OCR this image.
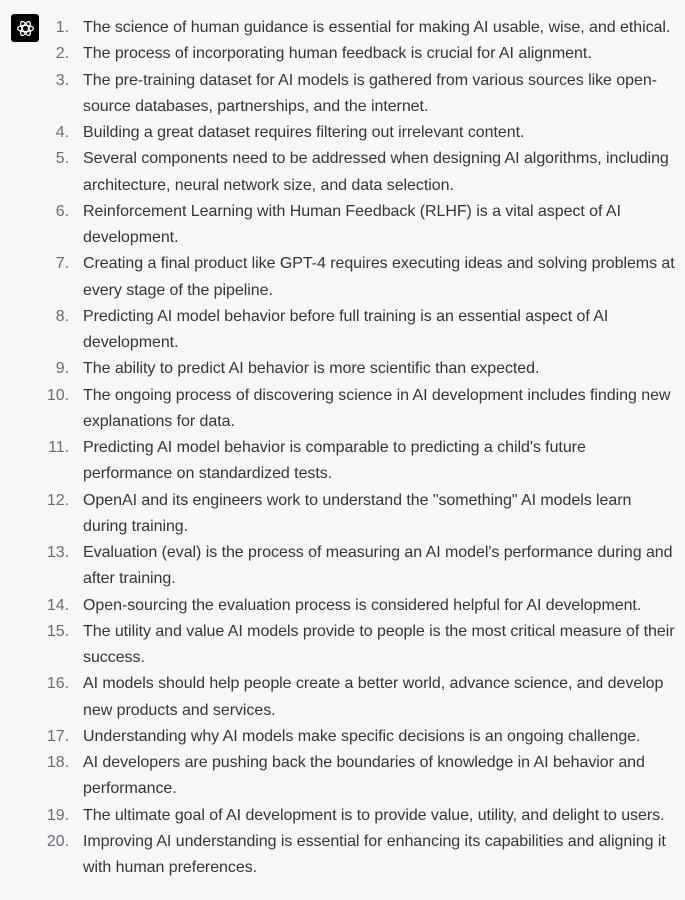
1. The science of human guidance is essential for making AI usable, wise, and ethical.
2. The process of incorporating human feedback is crucial for AI alignment.
3. The pre-training dataset for AI models is gathered from various sources like open-source databases, partnerships, and the internet.
4. Building a great dataset requires filtering out irrelevant content.
5. Several components need to be addressed when designing AI algorithms, including architecture, neural network size, and data selection.
6. Reinforcement Learning with Human Feedback (RLHF) is a vital aspect of AI development.
7. Creating a final product like GPT-4 requires executing ideas and solving problems at every stage of the pipeline.
8. Predicting AI model behavior before full training is an essential aspect of AI development.
9. The ability to predict AI behavior is more scientific than expected.
10. The ongoing process of discovering science in AI development includes finding new explanations for data.
11. Predicting AI model behavior is comparable to predicting a child's future performance on standardized tests.
12. OpenAI and its engineers work to understand the "something" AI models learn during training.
13. Evaluation (eval) is the process of measuring an AI model's performance during and after training.
14. Open-sourcing the evaluation process is considered helpful for AI development.
15. The utility and value AI models provide to people is the most critical measure of their success.
16. AI models should help people create a better world, advance science, and develop new products and services.
17. Understanding why AI models make specific decisions is an ongoing challenge.
18. AI developers are pushing back the boundaries of knowledge in AI behavior and performance.
19. The ultimate goal of AI development is to provide value, utility, and delight to users.
20. Improving AI understanding is essential for enhancing its capabilities and aligning it with human preferences.
